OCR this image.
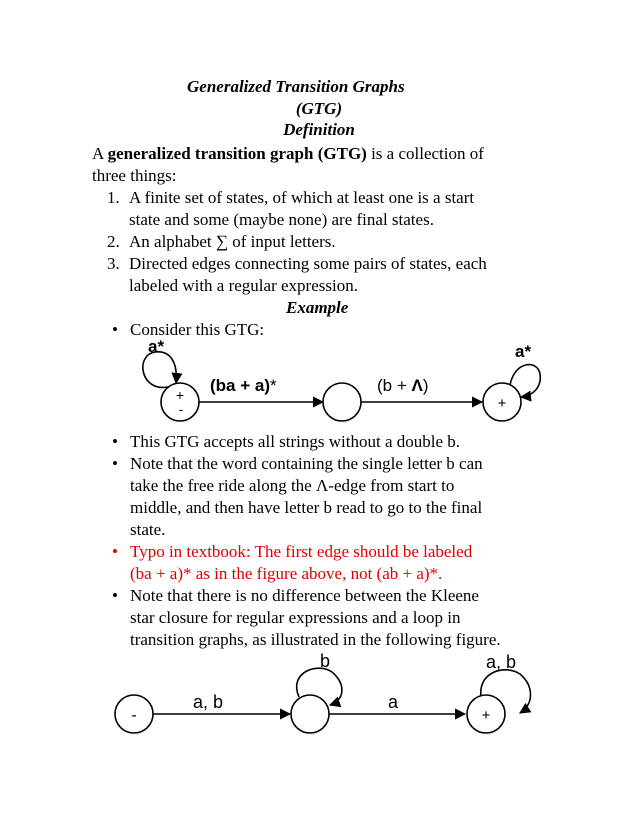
Generalized Transition Graphs
(GTG)
Definition
A generalized transition graph (GTG) is a collection of
three things:
1. A finite set of states, of which at least one is a start
state and some (maybe none) are final states.
2. An alphabet ∑ of input letters.
3. Directed edges connecting some pairs of states, each
labeled with a regular expression.
Example
• Consider this GTG:
• This GTG accepts all strings without a double b.
• Note that the word containing the single letter b can
take the free ride along the Λ-edge from start to
middle, and then have letter b read to go to the final
state.
• Typo in textbook: The first edge should be labeled
(ba + a)* as in the figure above, not (ab + a)*.
• Note that there is no difference between the Kleene
star closure for regular expressions and a loop in
transition graphs, as illustrated in the following figure.
+
-
a*
(ba + a)*	(b + Λ)
+
a*
-
a, b
b
a
+
a, b
